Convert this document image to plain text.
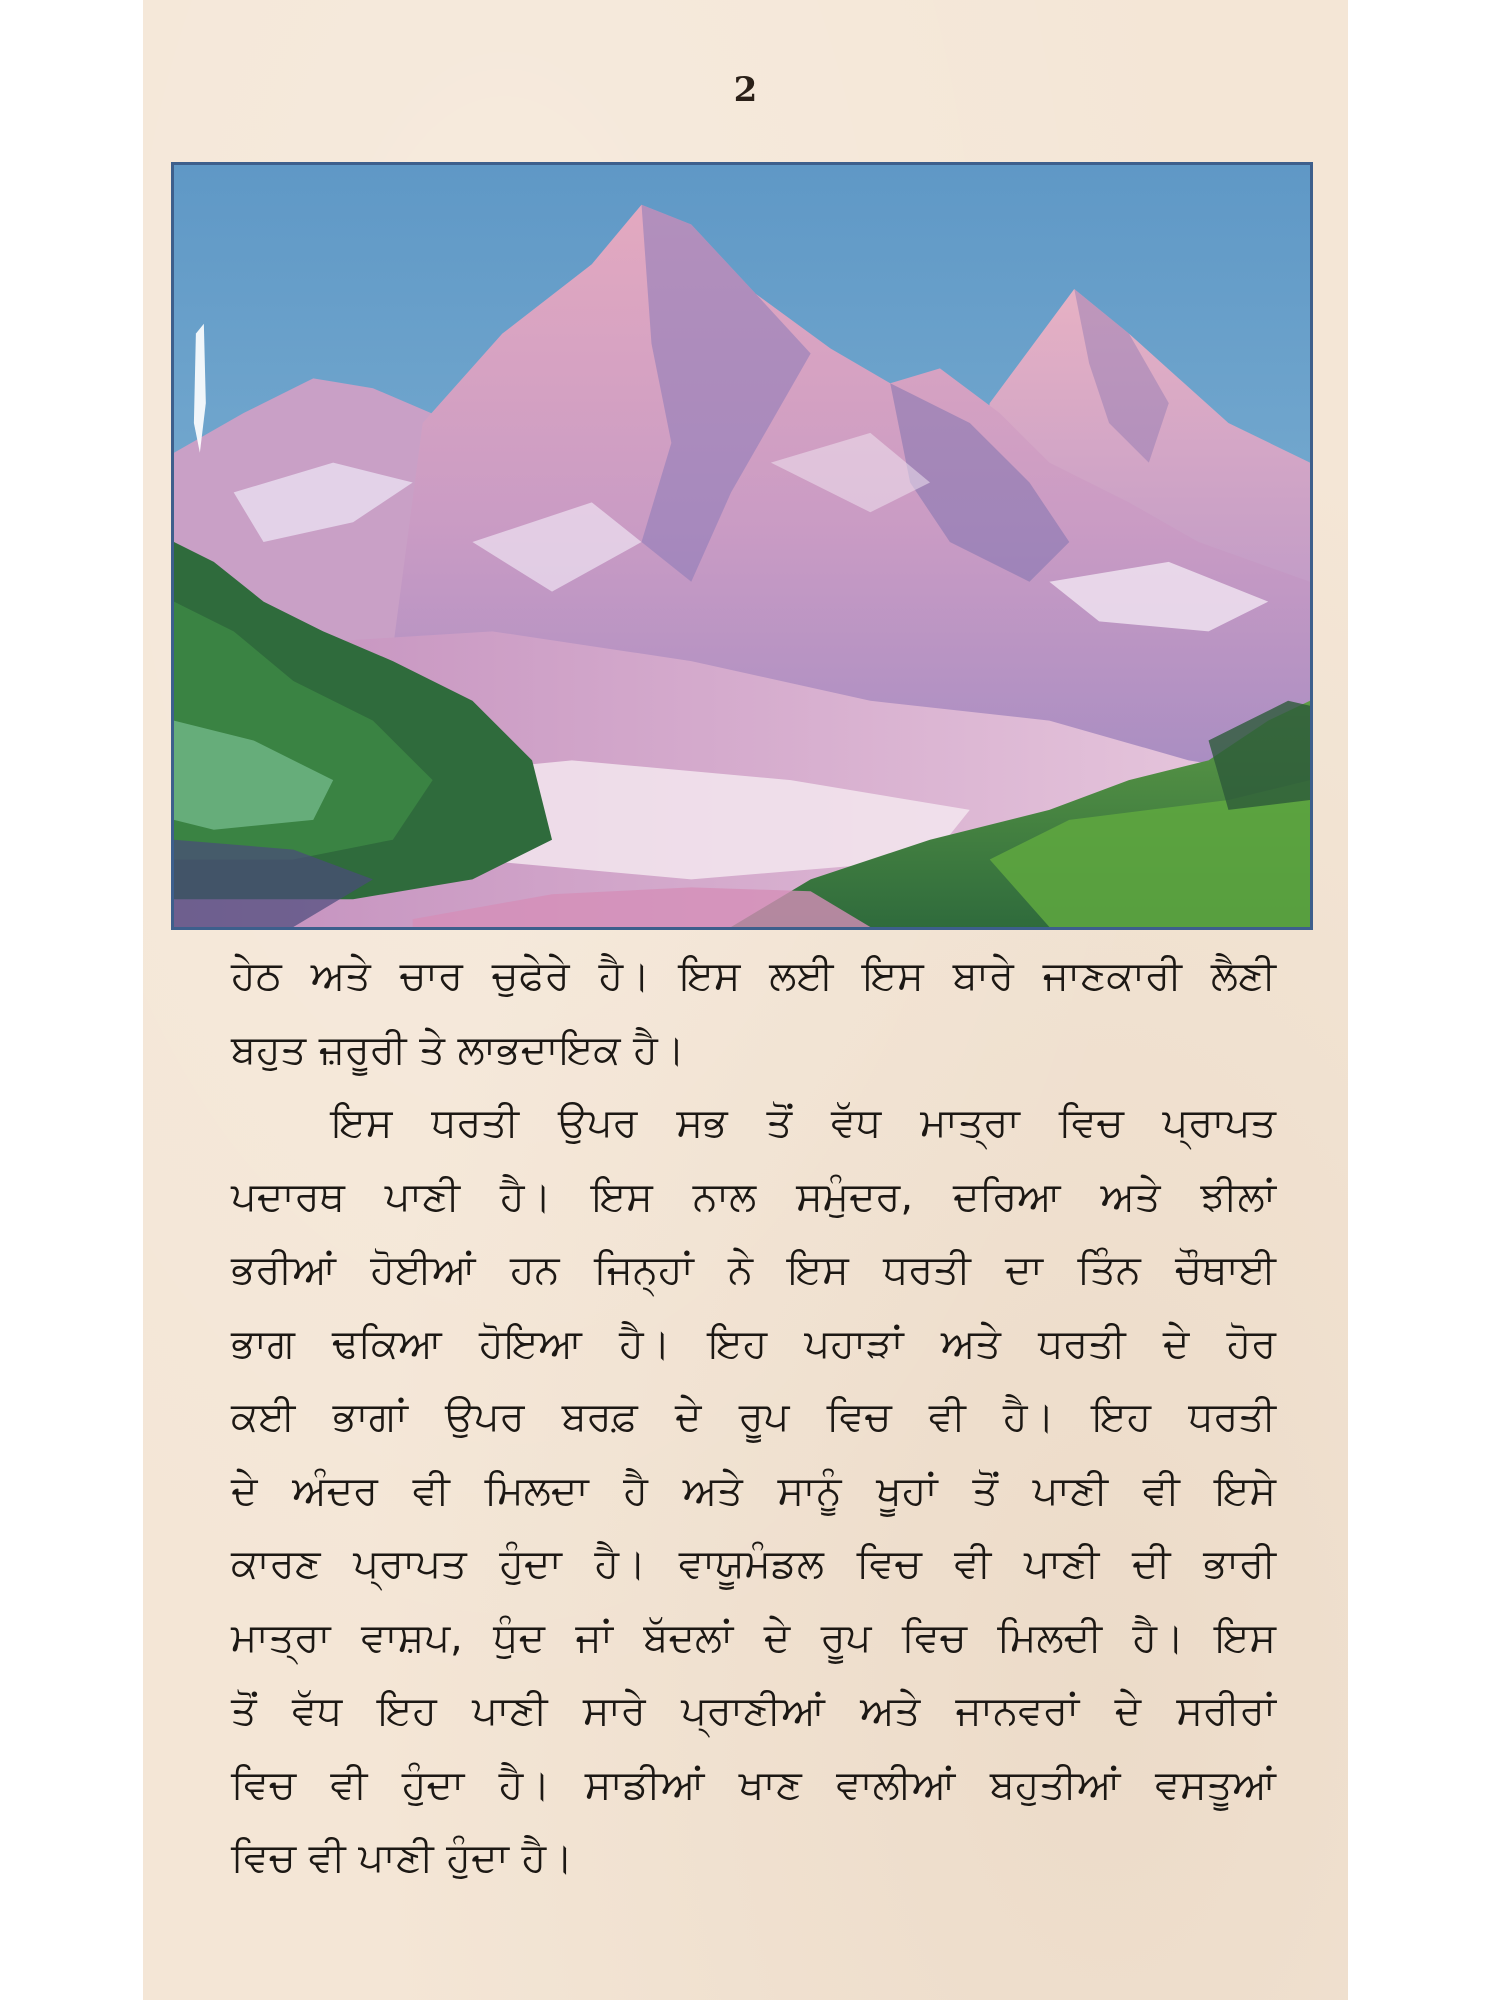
2
ਹੇਠ ਅਤੇ ਚਾਰ ਚੁਫੇਰੇ ਹੈ। ਇਸ ਲਈ ਇਸ ਬਾਰੇ ਜਾਣਕਾਰੀ ਲੈਣੀ
ਬਹੁਤ ਜ਼ਰੂਰੀ ਤੇ ਲਾਭਦਾਇਕ ਹੈ।
ਇਸ ਧਰਤੀ ਉਪਰ ਸਭ ਤੋਂ ਵੱਧ ਮਾਤ੍ਰਾ ਵਿਚ ਪ੍ਰਾਪਤ
ਪਦਾਰਥ ਪਾਣੀ ਹੈ। ਇਸ ਨਾਲ ਸਮੁੰਦਰ, ਦਰਿਆ ਅਤੇ ਝੀਲਾਂ
ਭਰੀਆਂ ਹੋਈਆਂ ਹਨ ਜਿਨ੍ਹਾਂ ਨੇ ਇਸ ਧਰਤੀ ਦਾ ਤਿੰਨ ਚੌਥਾਈ
ਭਾਗ ਢਕਿਆ ਹੋਇਆ ਹੈ। ਇਹ ਪਹਾੜਾਂ ਅਤੇ ਧਰਤੀ ਦੇ ਹੋਰ
ਕਈ ਭਾਗਾਂ ਉਪਰ ਬਰਫ਼ ਦੇ ਰੂਪ ਵਿਚ ਵੀ ਹੈ। ਇਹ ਧਰਤੀ
ਦੇ ਅੰਦਰ ਵੀ ਮਿਲਦਾ ਹੈ ਅਤੇ ਸਾਨੂੰ ਖੂਹਾਂ ਤੋਂ ਪਾਣੀ ਵੀ ਇਸੇ
ਕਾਰਣ ਪ੍ਰਾਪਤ ਹੁੰਦਾ ਹੈ। ਵਾਯੂਮੰਡਲ ਵਿਚ ਵੀ ਪਾਣੀ ਦੀ ਭਾਰੀ
ਮਾਤ੍ਰਾ ਵਾਸ਼ਪ, ਧੁੰਦ ਜਾਂ ਬੱਦਲਾਂ ਦੇ ਰੂਪ ਵਿਚ ਮਿਲਦੀ ਹੈ। ਇਸ
ਤੋਂ ਵੱਧ ਇਹ ਪਾਣੀ ਸਾਰੇ ਪ੍ਰਾਣੀਆਂ ਅਤੇ ਜਾਨਵਰਾਂ ਦੇ ਸਰੀਰਾਂ
ਵਿਚ ਵੀ ਹੁੰਦਾ ਹੈ। ਸਾਡੀਆਂ ਖਾਣ ਵਾਲੀਆਂ ਬਹੁਤੀਆਂ ਵਸਤੂਆਂ
ਵਿਚ ਵੀ ਪਾਣੀ ਹੁੰਦਾ ਹੈ।
